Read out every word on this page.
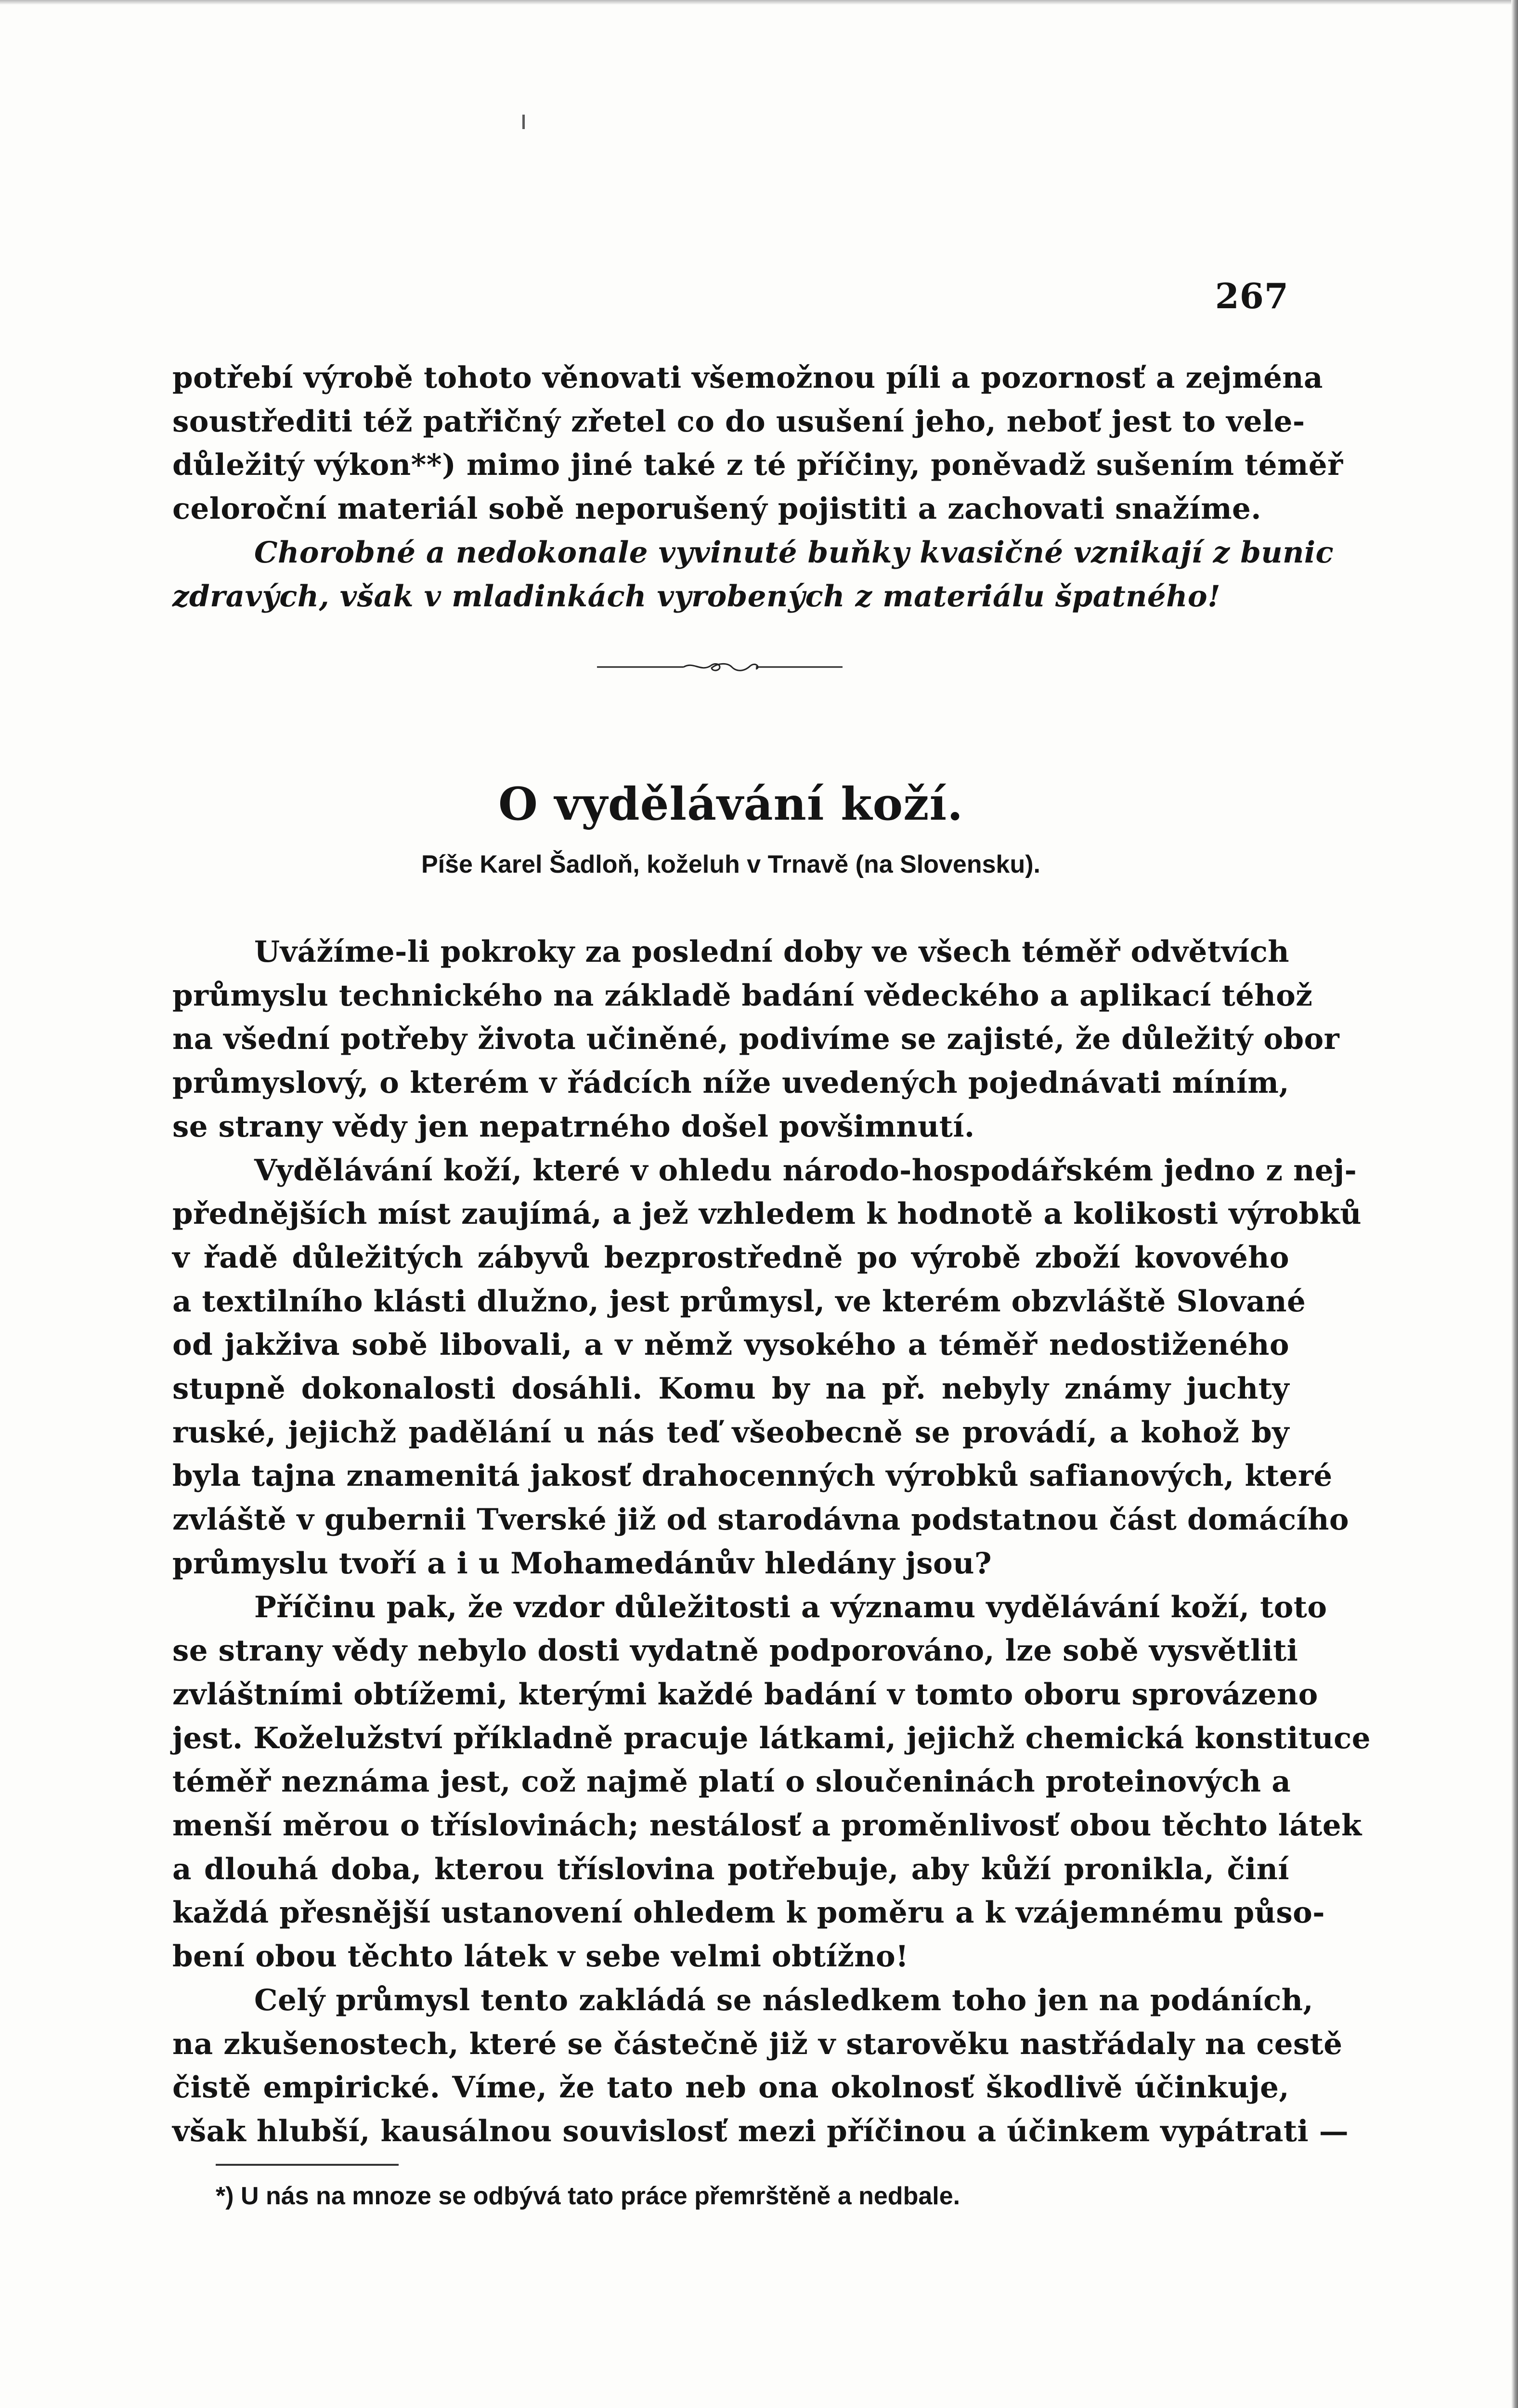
267
potřebí výrobě tohoto věnovati všemožnou píli a pozornosť a zejména
soustřediti též patřičný zřetel co do usušení jeho, neboť jest to vele-
důležitý výkon**) mimo jiné také z té příčiny, poněvadž sušením téměř
celoroční materiál sobě neporušený pojistiti a zachovati snažíme.
Chorobné a nedokonale vyvinuté buňky kvasičné vznikají z bunic
zdravých, však v mladinkách vyrobených z materiálu špatného!
O vydělávání koží.
Píše Karel Šadloň, koželuh v Trnavě (na Slovensku).
Uvážíme-li pokroky za poslední doby ve všech téměř odvětvích
průmyslu technického na základě badání vědeckého a aplikací téhož
na všední potřeby života učiněné, podivíme se zajisté, že důležitý obor
průmyslový, o kterém v řádcích níže uvedených pojednávati míním,
se strany vědy jen nepatrného došel povšimnutí.
Vydělávání koží, které v ohledu národo-hospodářském jedno z nej-
přednějších míst zaujímá, a jež vzhledem k hodnotě a kolikosti výrobků
v řadě důležitých zábyvů bezprostředně po výrobě zboží kovového
a textilního klásti dlužno, jest průmysl, ve kterém obzvláště Slované
od jakživa sobě libovali, a v němž vysokého a téměř nedostiženého
stupně dokonalosti dosáhli. Komu by na př. nebyly známy juchty
ruské, jejichž padělání u nás teď všeobecně se provádí, a kohož by
byla tajna znamenitá jakosť drahocenných výrobků safianových, které
zvláště v gubernii Tverské již od starodávna podstatnou část domácího
průmyslu tvoří a i u Mohamedánův hledány jsou?
Příčinu pak, že vzdor důležitosti a významu vydělávání koží, toto
se strany vědy nebylo dosti vydatně podporováno, lze sobě vysvětliti
zvláštními obtížemi, kterými každé badání v tomto oboru sprovázeno
jest. Koželužství příkladně pracuje látkami, jejichž chemická konstituce
téměř neznáma jest, což najmě platí o sloučeninách proteinových a
menší měrou o tříslovinách; nestálosť a proměnlivosť obou těchto látek
a dlouhá doba, kterou tříslovina potřebuje, aby kůží pronikla, činí
každá přesnější ustanovení ohledem k poměru a k vzájemnému půso-
bení obou těchto látek v sebe velmi obtížno!
Celý průmysl tento zakládá se následkem toho jen na podáních,
na zkušenostech, které se částečně již v starověku nastřádaly na cestě
čistě empirické. Víme, že tato neb ona okolnosť škodlivě účinkuje,
však hlubší, kausálnou souvislosť mezi příčinou a účinkem vypátrati —
*) U nás na mnoze se odbývá tato práce přemrštěně a nedbale.
